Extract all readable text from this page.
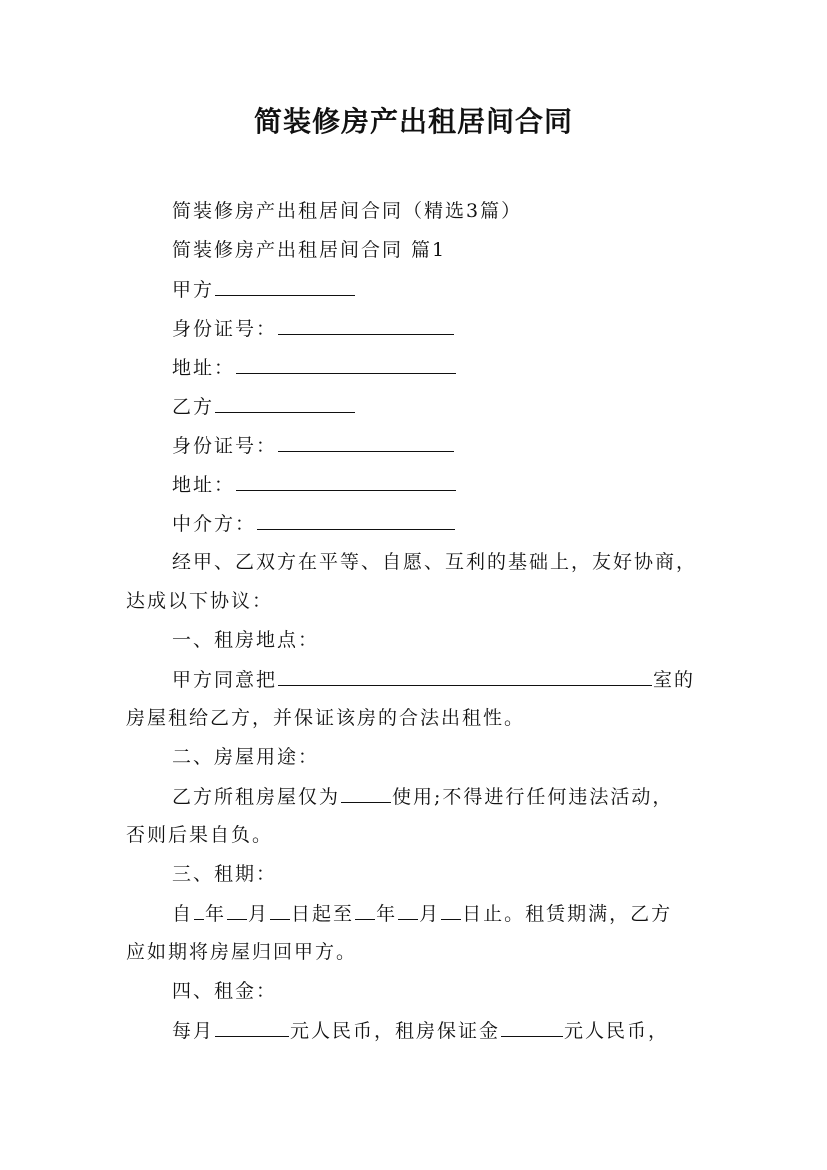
简装修房产出租居间合同
简装修房产出租居间合同（精选3篇）
简装修房产出租居间合同 篇1
甲方
身份证号：
地址：
乙方
身份证号：
地址：
中介方：
经甲、乙双方在平等、自愿、互利的基础上，友好协商，
达成以下协议：
一、租房地点：
甲方同意把	室的
房屋租给乙方，并保证该房的合法出租性。
二、房屋用途：
乙方所租房屋仅为	使用;不得进行任何违法活动，
否则后果自负。
三、租期：
自 年 月 日起至 年 月 日止。租赁期满，乙方
应如期将房屋归回甲方。
四、租金：
每月	元人民币，租房保证金	元人民币，
